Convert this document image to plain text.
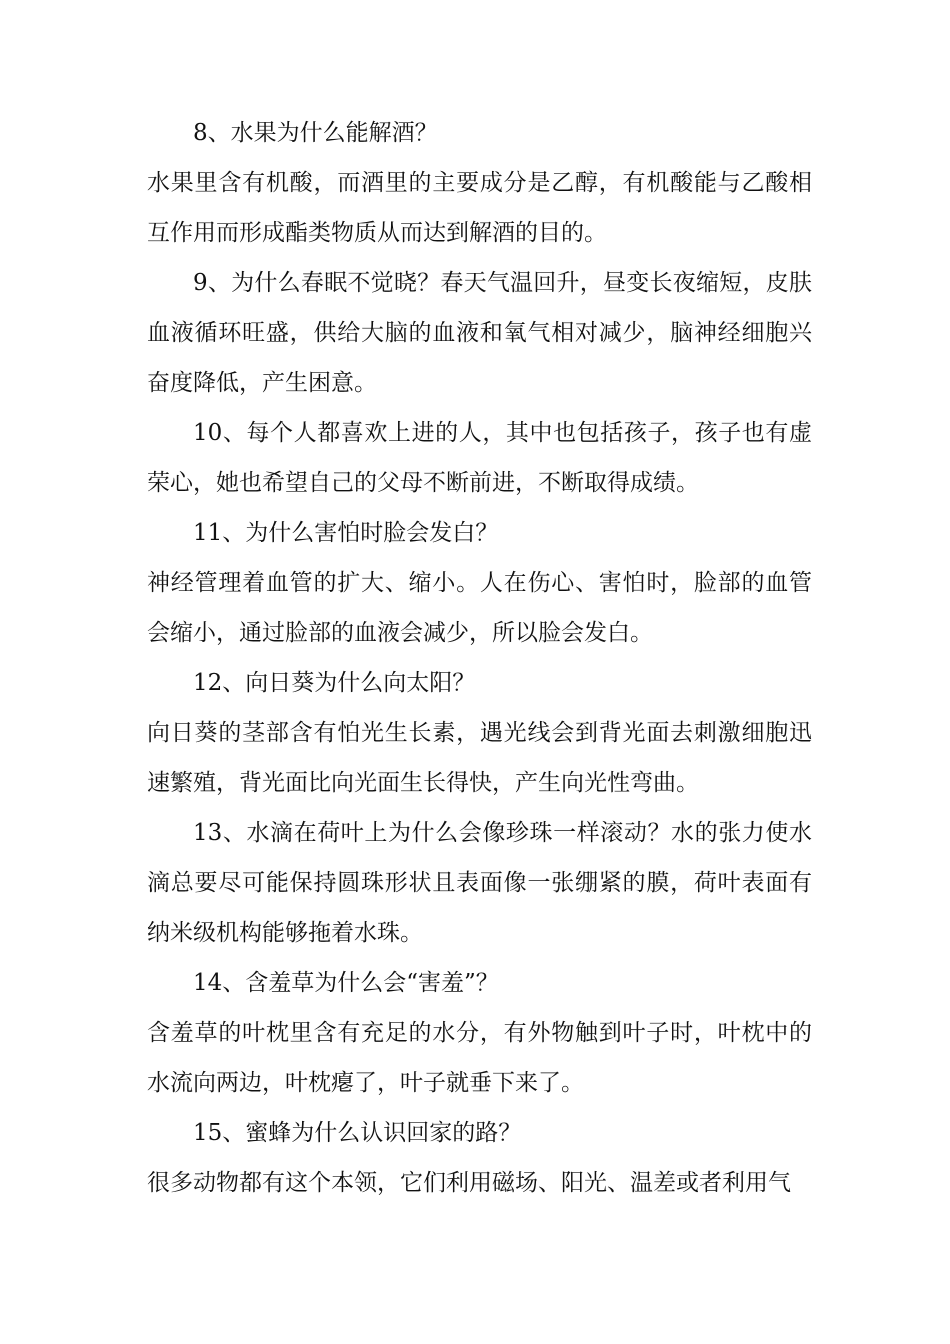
8、水果为什么能解酒？

水果里含有机酸，而酒里的主要成分是乙醇，有机酸能与乙酸相互作用而形成酯类物质从而达到解酒的目的。

9、为什么春眠不觉晓？春天气温回升，昼变长夜缩短，皮肤血液循环旺盛，供给大脑的血液和氧气相对减少，脑神经细胞兴奋度降低，产生困意。

10、每个人都喜欢上进的人，其中也包括孩子，孩子也有虚荣心，她也希望自己的父母不断前进，不断取得成绩。

11、为什么害怕时脸会发白？

神经管理着血管的扩大、缩小。人在伤心、害怕时，脸部的血管会缩小，通过脸部的血液会减少，所以脸会发白。

12、向日葵为什么向太阳？

向日葵的茎部含有怕光生长素，遇光线会到背光面去刺激细胞迅速繁殖，背光面比向光面生长得快，产生向光性弯曲。

13、水滴在荷叶上为什么会像珍珠一样滚动？水的张力使水滴总要尽可能保持圆珠形状且表面像一张绷紧的膜，荷叶表面有纳米级机构能够拖着水珠。

14、含羞草为什么会“害羞”？

含羞草的叶枕里含有充足的水分，有外物触到叶子时，叶枕中的水流向两边，叶枕瘪了，叶子就垂下来了。

15、蜜蜂为什么认识回家的路？

很多动物都有这个本领，它们利用磁场、阳光、温差或者利用气
